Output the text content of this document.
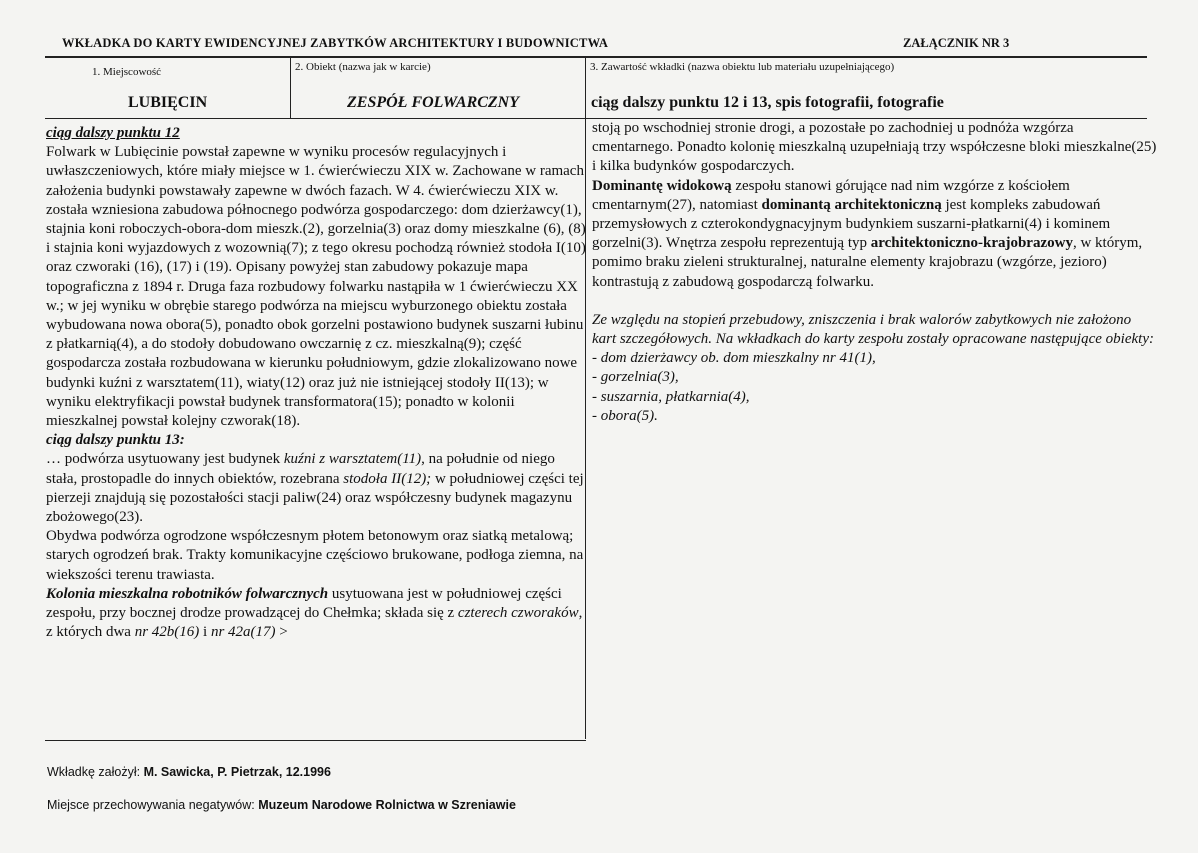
WKŁADKA DO KARTY EWIDENCYJNEJ ZABYTKÓW ARCHITEKTURY I BUDOWNICTWA	ZAŁĄCZNIK NR 3
1. Miejscowość
LUBIĘCIN
2. Obiekt (nazwa jak w karcie)
ZESPÓŁ FOLWARCZNY
3. Zawartość wkładki (nazwa obiektu lub materiału uzupełniającego)
ciąg dalszy punktu 12 i 13, spis fotografii, fotografie

ciąg dalszy punktu 12

Folwark w Lubięcinie powstał zapewne w wyniku procesów regulacyjnych i uwłaszczeniowych, które miały miejsce w 1. ćwierćwieczu XIX w. Zachowane w ramach założenia budynki powstawały zapewne w dwóch fazach. W 4. ćwierćwieczu XIX w. została wzniesiona zabudowa północnego podwórza gospodarczego: dom dzierżawcy(1), stajnia koni roboczych-obora-dom mieszk.(2), gorzelnia(3) oraz domy mieszkalne (6), (8) i stajnia koni wyjazdowych z wozownią(7); z tego okresu pochodzą również stodoła I(10) oraz czworaki (16), (17) i (19). Opisany powyżej stan zabudowy pokazuje mapa topograficzna z 1894 r. Druga faza rozbudowy folwarku nastąpiła w 1 ćwierćwieczu XX w.; w jej wyniku w obrębie starego podwórza na miejscu wyburzonego obiektu została wybudowana nowa obora(5), ponadto obok gorzelni postawiono budynek suszarni łubinu z płatkarnią(4), a do stodoły dobudowano owczarnię z cz. mieszkalną(9); część gospodarcza została rozbudowana w kierunku południowym, gdzie zlokalizowano nowe budynki kuźni z warsztatem(11), wiaty(12) oraz już nie istniejącej stodoły II(13); w wyniku elektryfikacji powstał budynek transformatora(15); ponadto w kolonii mieszkalnej powstał kolejny czworak(18).

ciąg dalszy punktu 13:

… podwórza usytuowany jest budynek kuźni z warsztatem(11), na południe od niego stała, prostopadle do innych obiektów, rozebrana stodoła II(12); w południowej części tej pierzeji znajdują się pozostałości stacji paliw(24) oraz współczesny budynek magazynu zbożowego(23).

Obydwa podwórza ogrodzone współczesnym płotem betonowym oraz siatką metalową; starych ogrodzeń brak. Trakty komunikacyjne częściowo brukowane, podłoga ziemna, na wiekszości terenu trawiasta.

Kolonia mieszkalna robotników folwarcznych usytuowana jest w południowej części zespołu, przy bocznej drodze prowadzącej do Chełmka; składa się z czterech czworaków, z których dwa nr 42b(16) i nr 42a(17) >

stoją po wschodniej stronie drogi, a pozostałe po zachodniej u podnóża wzgórza cmentarnego. Ponadto kolonię mieszkalną uzupełniają trzy współczesne bloki mieszkalne(25) i kilka budynków gospodarczych.

Dominantę widokową zespołu stanowi górujące nad nim wzgórze z kościołem cmentarnym(27), natomiast dominantą architektoniczną jest kompleks zabudowań przemysłowych z czterokondygnacyjnym budynkiem suszarni-płatkarni(4) i kominem gorzelni(3). Wnętrza zespołu reprezentują typ architektoniczno-krajobrazowy, w którym, pomimo braku zieleni strukturalnej, naturalne elementy krajobrazu (wzgórze, jezioro) kontrastują z zabudową gospodarczą folwarku.

Ze względu na stopień przebudowy, zniszczenia i brak walorów zabytkowych nie założono kart szczegółowych. Na wkładkach do karty zespołu zostały opracowane następujące obiekty:

- dom dzierżawcy ob. dom mieszkalny nr 41(1),

- gorzelnia(3),

- suszarnia, płatkarnia(4),

- obora(5).

Wkładkę założył: M. Sawicka, P. Pietrzak, 12.1996
Miejsce przechowywania negatywów: Muzeum Narodowe Rolnictwa w Szreniawie
